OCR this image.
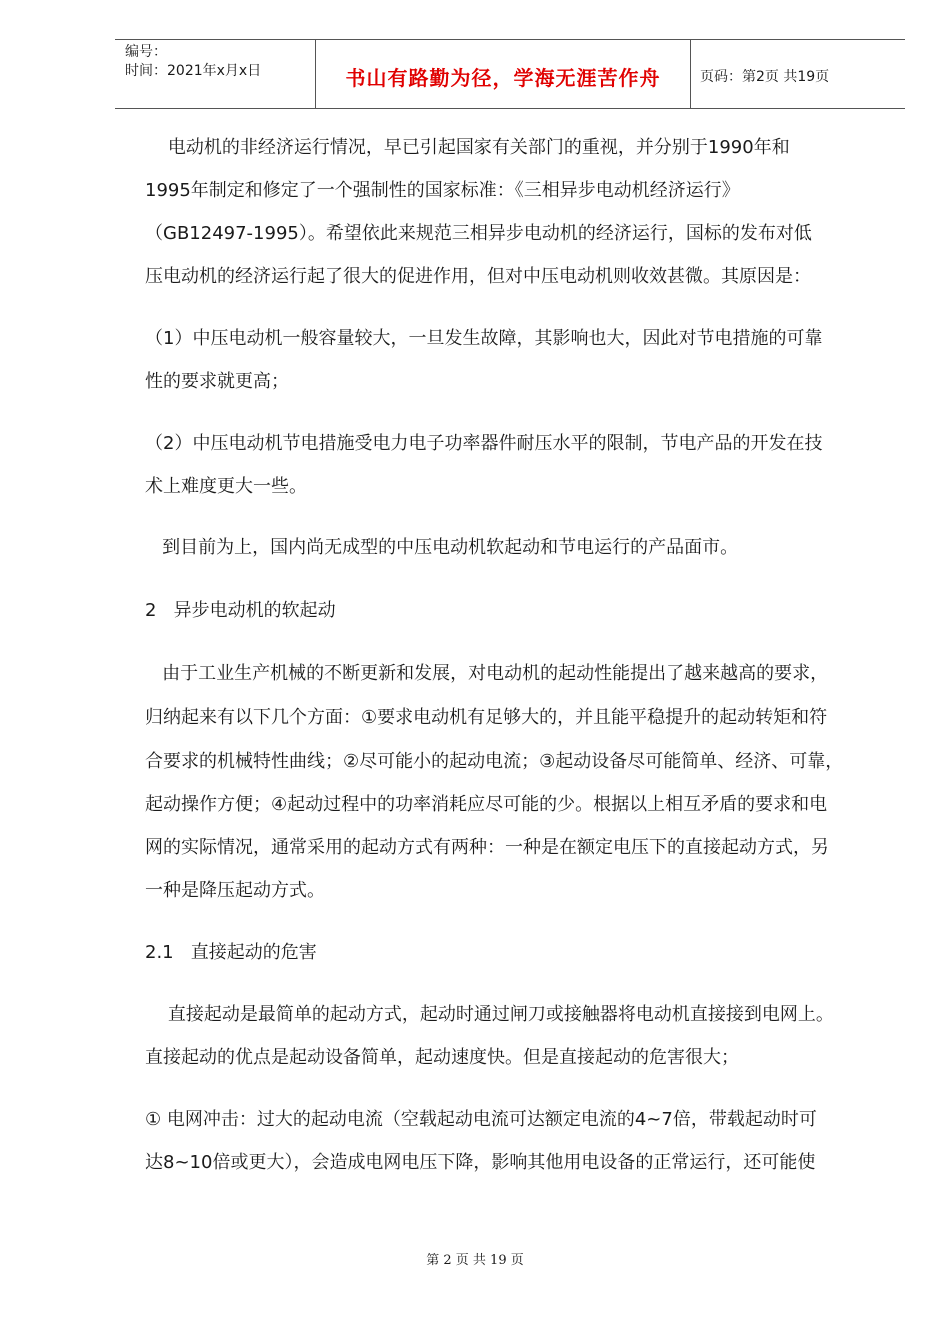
编号：
时间：2021年x月x日	书山有路勤为径，学海无涯苦作舟	页码：第2页 共19页
电动机的非经济运行情况，早已引起国家有关部门的重视，并分别于1990年和
1995年制定和修定了一个强制性的国家标准：《三相异步电动机经济运行》
（GB12497-1995）。希望依此来规范三相异步电动机的经济运行，国标的发布对低
压电动机的经济运行起了很大的促进作用，但对中压电动机则收效甚微。其原因是：
（1）中压电动机一般容量较大，一旦发生故障，其影响也大，因此对节电措施的可靠
性的要求就更高；
（2）中压电动机节电措施受电力电子功率器件耐压水平的限制，节电产品的开发在技
术上难度更大一些。
到目前为上，国内尚无成型的中压电动机软起动和节电运行的产品面市。
2   异步电动机的软起动
由于工业生产机械的不断更新和发展，对电动机的起动性能提出了越来越高的要求，
归纳起来有以下几个方面：①要求电动机有足够大的，并且能平稳提升的起动转矩和符
合要求的机械特性曲线；②尽可能小的起动电流；③起动设备尽可能简单、经济、可靠，
起动操作方便；④起动过程中的功率消耗应尽可能的少。根据以上相互矛盾的要求和电
网的实际情况，通常采用的起动方式有两种：一种是在额定电压下的直接起动方式，另
一种是降压起动方式。
2.1   直接起动的危害
直接起动是最简单的起动方式，起动时通过闸刀或接触器将电动机直接接到电网上。
直接起动的优点是起动设备简单，起动速度快。但是直接起动的危害很大；
① 电网冲击：过大的起动电流（空载起动电流可达额定电流的4~7倍，带载起动时可
达8~10倍或更大），会造成电网电压下降，影响其他用电设备的正常运行，还可能使
第 2 页 共 19 页
